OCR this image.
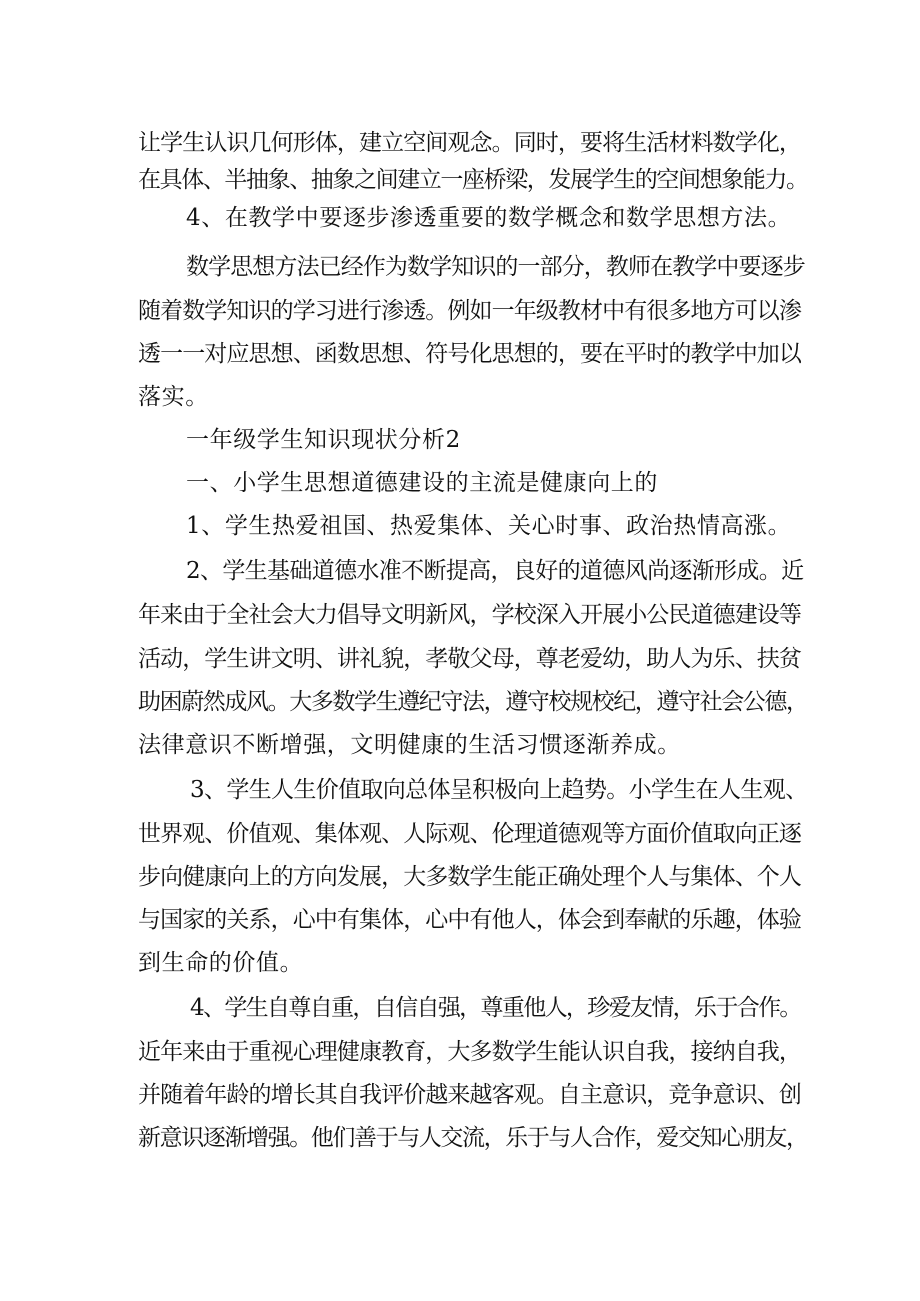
让学生认识几何形体，建立空间观念。同时，要将生活材料数学化，
在具体、半抽象、抽象之间建立一座桥梁，发展学生的空间想象能力。
4、在教学中要逐步渗透重要的数学概念和数学思想方法。
数学思想方法已经作为数学知识的一部分，教师在教学中要逐步
随着数学知识的学习进行渗透。例如一年级教材中有很多地方可以渗
透一一对应思想、函数思想、符号化思想的，要在平时的教学中加以
落实。
一年级学生知识现状分析2
一、小学生思想道德建设的主流是健康向上的
1、学生热爱祖国、热爱集体、关心时事、政治热情高涨。
2、学生基础道德水准不断提高，良好的道德风尚逐渐形成。近
年来由于全社会大力倡导文明新风，学校深入开展小公民道德建设等
活动，学生讲文明、讲礼貌，孝敬父母，尊老爱幼，助人为乐、扶贫
助困蔚然成风。大多数学生遵纪守法，遵守校规校纪，遵守社会公德，
法律意识不断增强，文明健康的生活习惯逐渐养成。
3、学生人生价值取向总体呈积极向上趋势。小学生在人生观、
世界观、价值观、集体观、人际观、伦理道德观等方面价值取向正逐
步向健康向上的方向发展，大多数学生能正确处理个人与集体、个人
与国家的关系，心中有集体，心中有他人，体会到奉献的乐趣，体验
到生命的价值。
4、学生自尊自重，自信自强，尊重他人，珍爱友情，乐于合作。
近年来由于重视心理健康教育，大多数学生能认识自我，接纳自我，
并随着年龄的增长其自我评价越来越客观。自主意识，竞争意识、创
新意识逐渐增强。他们善于与人交流，乐于与人合作，爱交知心朋友，
